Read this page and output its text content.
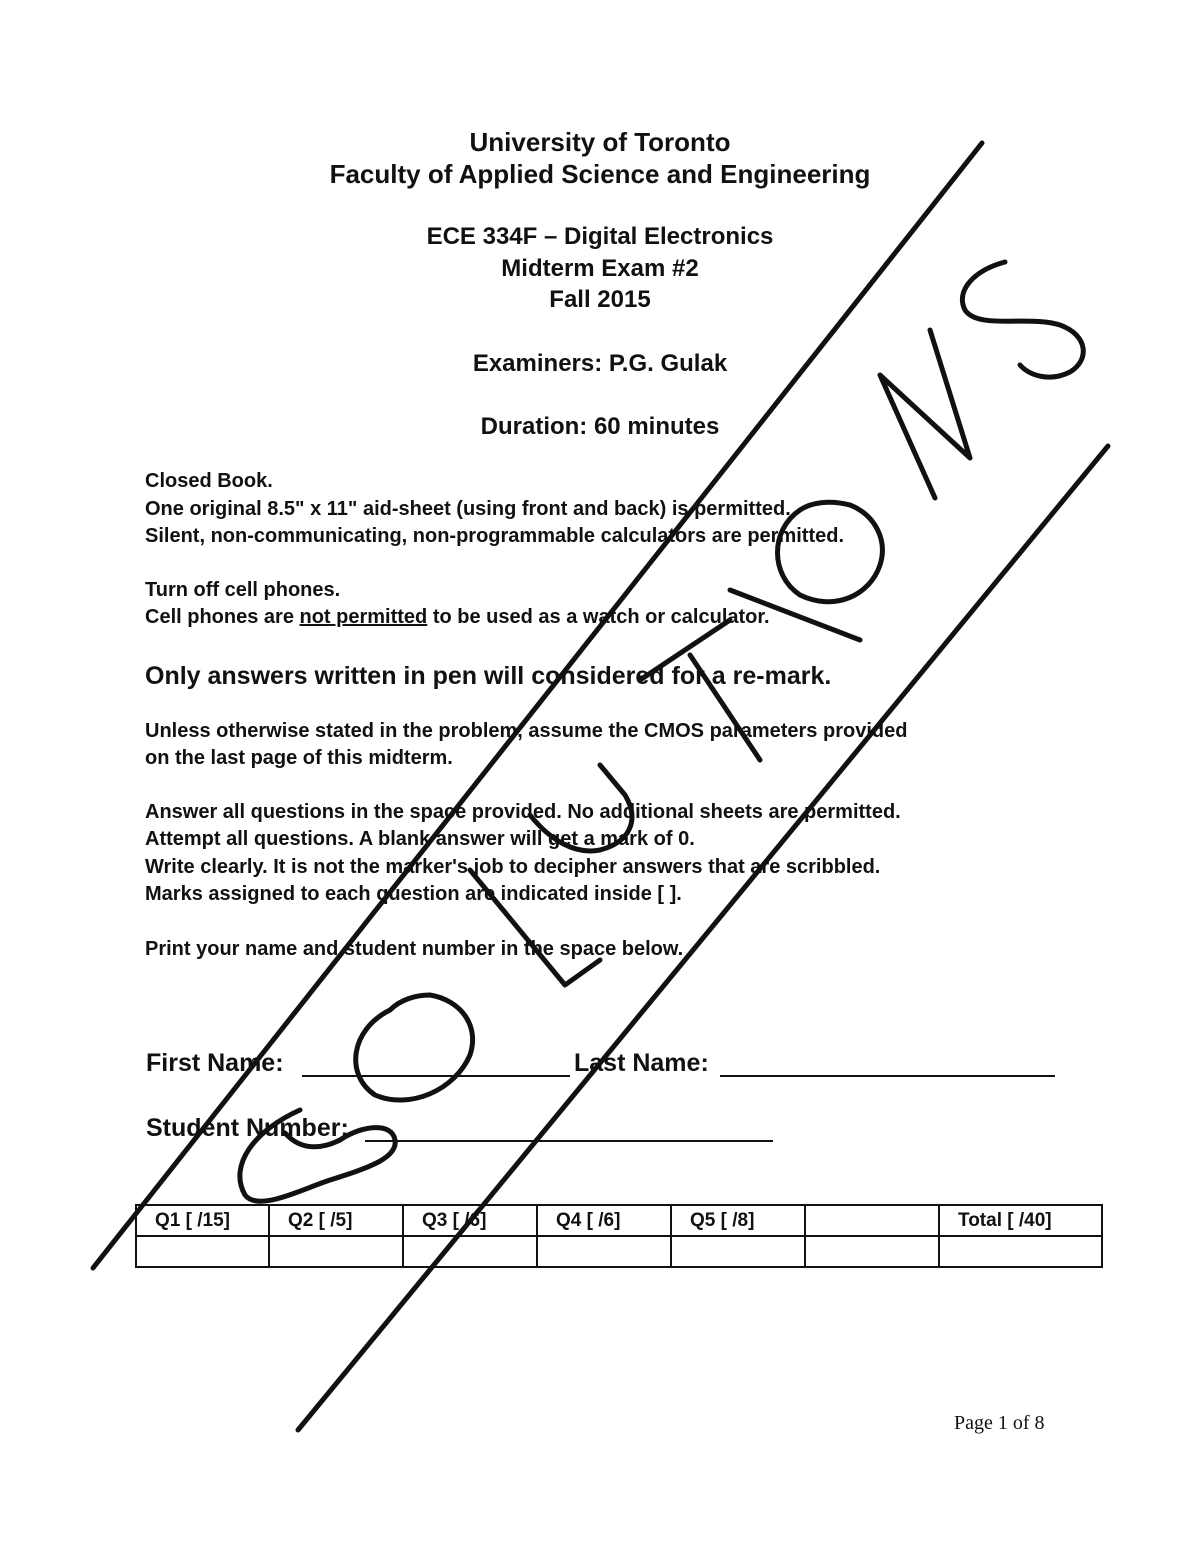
University of Toronto
Faculty of Applied Science and Engineering
ECE 334F – Digital Electronics
Midterm Exam #2
Fall 2015
Examiners: P.G. Gulak
Duration: 60 minutes
Closed Book.
One original 8.5" x 11" aid-sheet (using front and back) is permitted.
Silent, non-communicating, non-programmable calculators are permitted.
Turn off cell phones.
Cell phones are not permitted to be used as a watch or calculator.
Only answers written in pen will considered for a re-mark.
Unless otherwise stated in the problem, assume the CMOS parameters provided
on the last page of this midterm.
Answer all questions in the space provided. No additional sheets are permitted.
Attempt all questions. A blank answer will get a mark of 0.
Write clearly. It is not the marker's job to decipher answers that are scribbled.
Marks assigned to each question are indicated inside [ ].
Print your name and student number in the space below.
First Name:	Last Name:
Student Number:
Q1 [ /15]	Q2 [ /5]	Q3 [ /6]	Q4 [ /6]	Q5 [ /8]		Total [ /40]

Page 1 of 8
